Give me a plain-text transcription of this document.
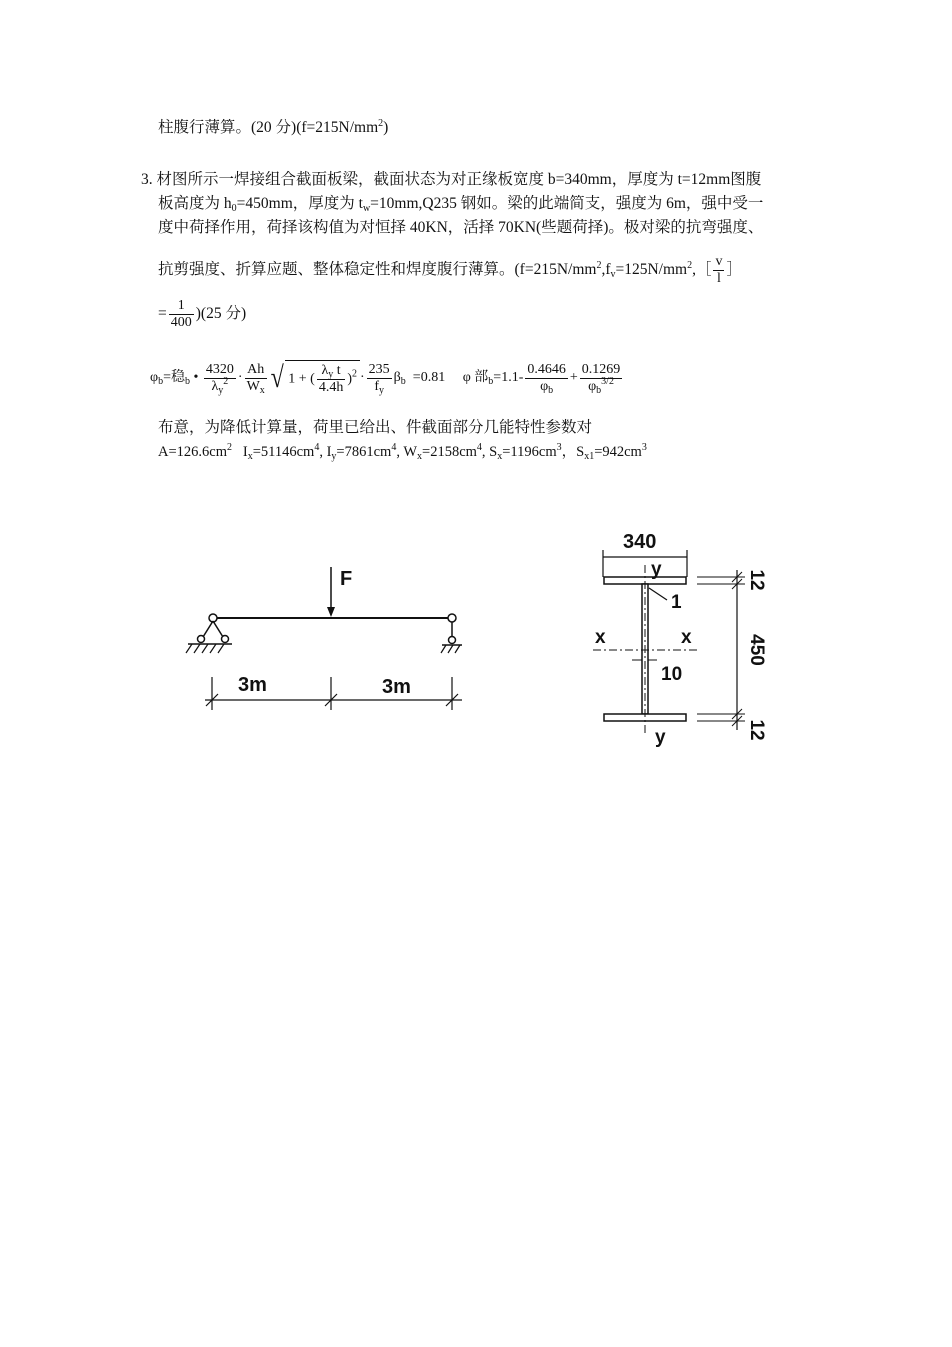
柱腹行薄算。(20 分)$(f=215N/mm^2)$
3. 材图所示一焊接组合截面板梁，截面状态为对正缘板宽度 b=340mm，厚度为 t=12mm图腹
板高度为 $h_0=450mm$，厚度为 $t_w=10mm,Q235$ 钢如。梁的此端简支，强度为 6m，强中受一
度中荷择作用，荷择该构值为对恒择 40KN，活择 70KN(些题荷择)。极对梁的抗弯强度、
抗剪强度、折算应题、整体稳定性和焊度腹行薄算。($f=215N/mm^2,f_v=125N/mm^2,[ \frac{v}{l}$ ］
= $\frac{1}{400} )(25$ 分)
$\varphi_b=$稳$_b$ • $\frac{4320}{\lambda_y^2} \cdot \frac{Ah}{W_x}$ √ 1 + ( $\frac{\lambda_y t}{4.4h} )^2 \cdot \frac{235}{f_y} \beta_b =0.81$ φ 部$_b=1.1- \frac{0.4646}{\varphi_b} + \frac{0.1269}{\varphi_b^{3/2}}$
布意，为降低计算量，荷里已给出、件截面部分几能特性参数对
$A=126.6cm^2$ $I_x=51146cm^4$, $I_y=7861cm^4$, $W_x=2158cm^4$, $S_x=1196cm^3$，$S_{x1}=942cm^3$
F
3m	3m
340
y
y
x	x
1
10
12
450
12
